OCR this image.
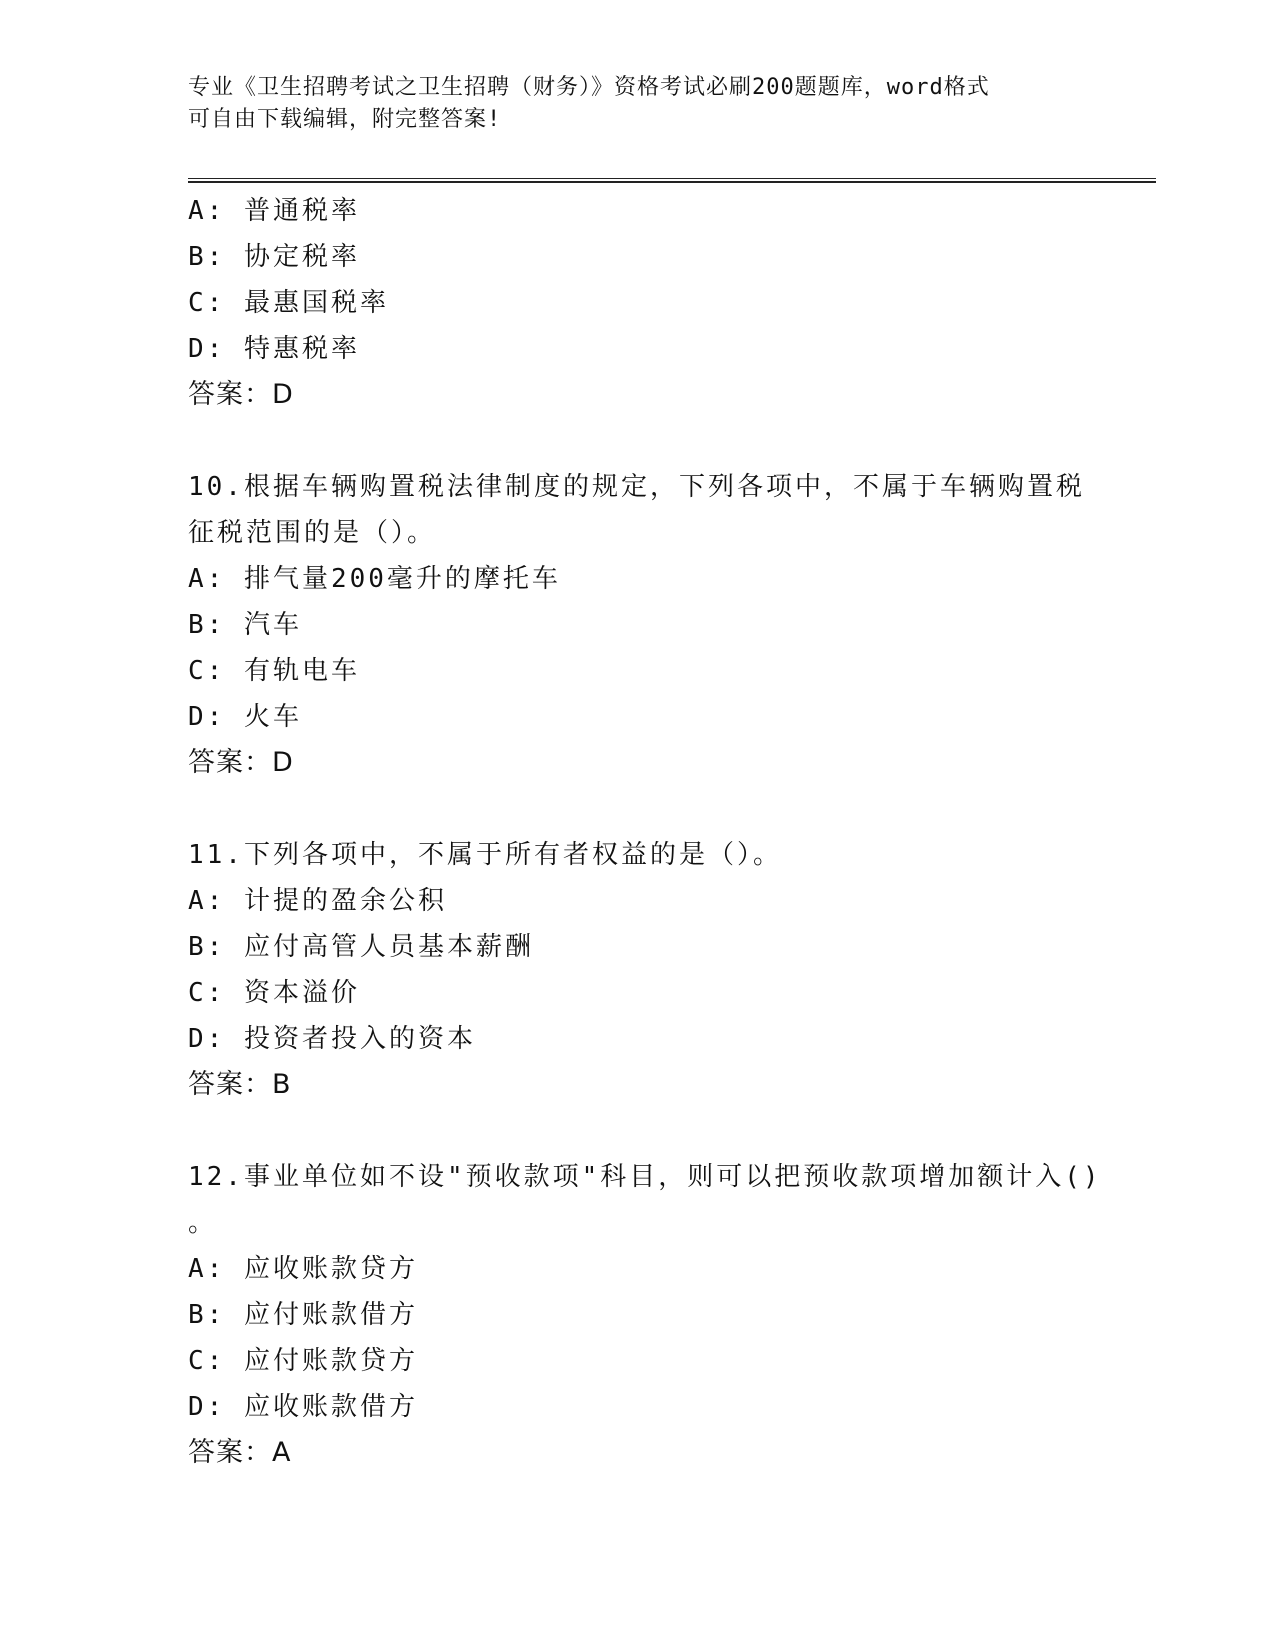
专业《卫生招聘考试之卫生招聘（财务）》资格考试必刷200题题库，word格式
可自由下载编辑，附完整答案!
A: 普通税率
B: 协定税率
C: 最惠国税率
D: 特惠税率
答案：D
10.根据车辆购置税法律制度的规定，下列各项中，不属于车辆购置税
征税范围的是（）。
A: 排气量200毫升的摩托车
B: 汽车
C: 有轨电车
D: 火车
答案：D
11.下列各项中，不属于所有者权益的是（）。
A: 计提的盈余公积
B: 应付高管人员基本薪酬
C: 资本溢价
D: 投资者投入的资本
答案：B
12.事业单位如不设"预收款项"科目，则可以把预收款项增加额计入()
。
A: 应收账款贷方
B: 应付账款借方
C: 应付账款贷方
D: 应收账款借方
答案：A
